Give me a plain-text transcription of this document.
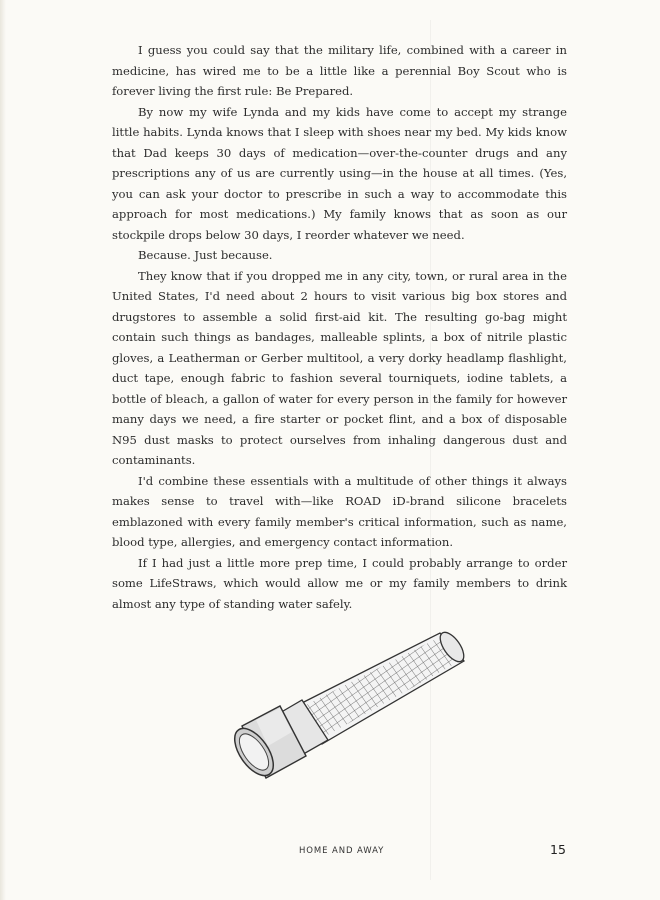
I guess you could say that the military life, combined with a career in medicine, has wired me to be a little like a perennial Boy Scout who is forever living the first rule: Be Prepared.

By now my wife Lynda and my kids have come to accept my strange little habits. Lynda knows that I sleep with shoes near my bed. My kids know that Dad keeps 30 days of medication—over-the-counter drugs and any prescriptions any of us are currently using—in the house at all times. (Yes, you can ask your doctor to prescribe in such a way to accommodate this approach for most medications.) My family knows that as soon as our stockpile drops below 30 days, I reorder whatever we need.

Because. Just because.

They know that if you dropped me in any city, town, or rural area in the United States, I'd need about 2 hours to visit various big box stores and drugstores to assemble a solid first-aid kit. The resulting go-bag might contain such things as bandages, malleable splints, a box of nitrile plastic gloves, a Leatherman or Gerber multitool, a very dorky headlamp flashlight, duct tape, enough fabric to fashion several tourniquets, iodine tablets, a bottle of bleach, a gallon of water for every person in the family for however many days we need, a fire starter or pocket flint, and a box of disposable N95 dust masks to protect ourselves from inhaling dangerous dust and contaminants.

I'd combine these essentials with a multitude of other things it always makes sense to travel with—like ROAD iD-brand silicone bracelets emblazoned with every family member's critical information, such as name, blood type, allergies, and emergency contact information.

If I had just a little more prep time, I could probably arrange to order some LifeStraws, which would allow me or my family members to drink almost any type of standing water safely.

HOME AND AWAY	15
